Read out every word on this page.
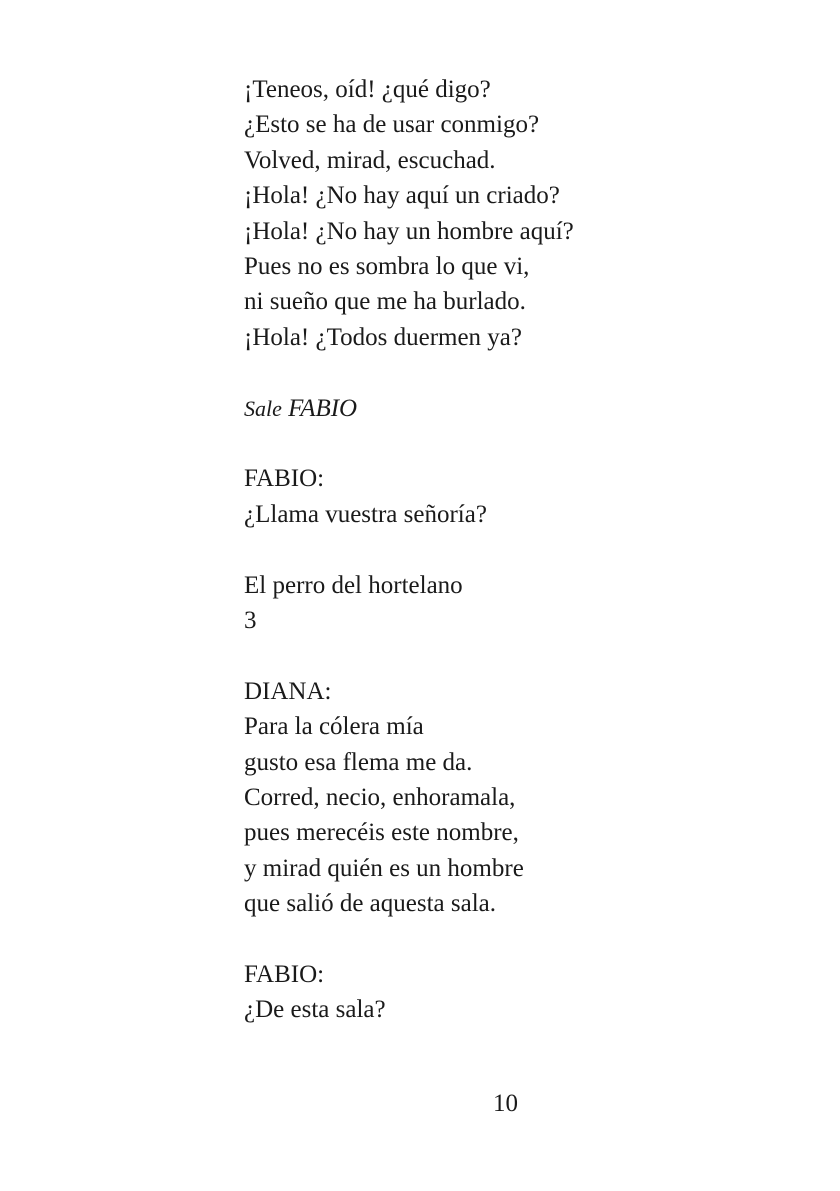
¡Teneos, oíd! ¿qué digo?
¿Esto se ha de usar conmigo?
Volved, mirad, escuchad.
¡Hola! ¿No hay aquí un criado?
¡Hola! ¿No hay un hombre aquí?
Pues no es sombra lo que vi,
ni sueño que me ha burlado.
¡Hola! ¿Todos duermen ya?
Sale FABIO
FABIO:
¿Llama vuestra señoría?
El perro del hortelano
3
DIANA:
Para la cólera mía
gusto esa flema me da.
Corred, necio, enhoramala,
pues merecéis este nombre,
y mirad quién es un hombre
que salió de aquesta sala.
FABIO:
¿De esta sala?
10
